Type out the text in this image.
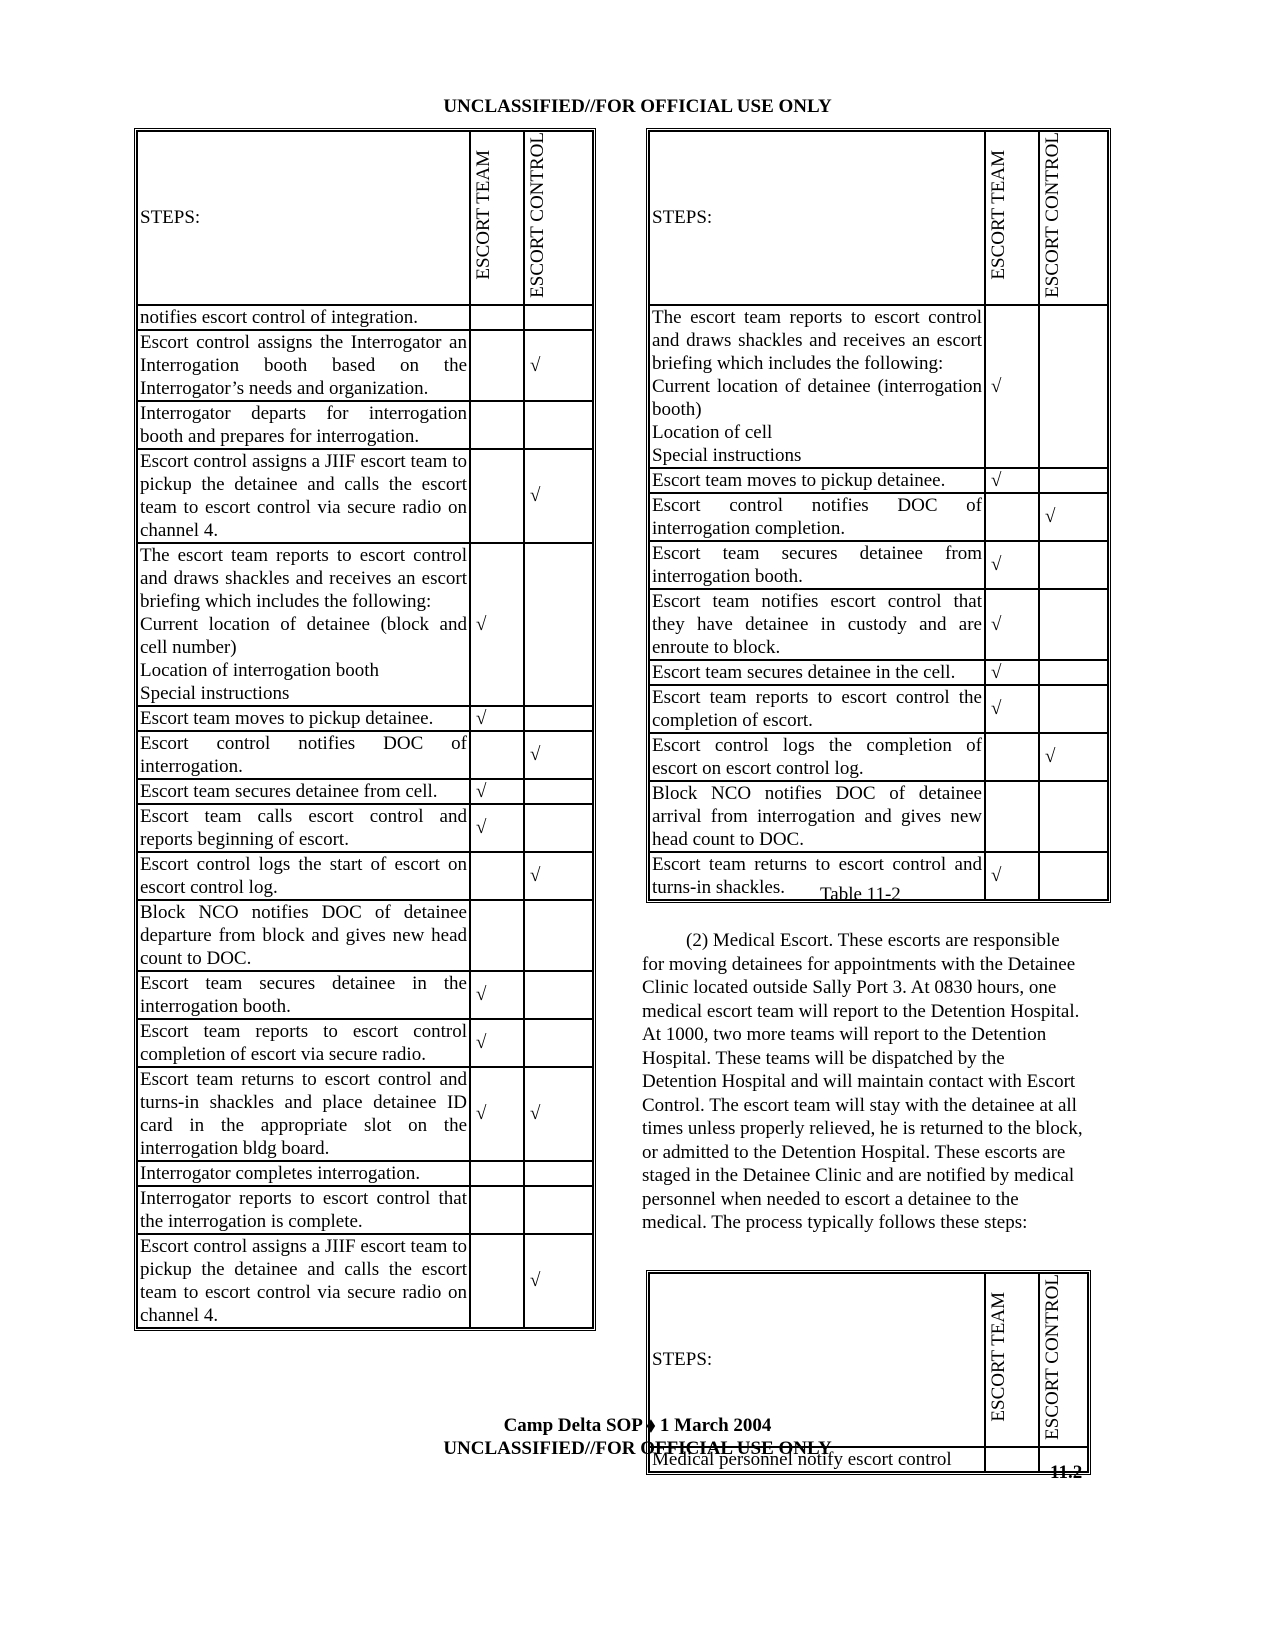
UNCLASSIFIED//FOR OFFICIAL USE ONLY
STEPS:	ESCORT TEAM	ESCORT CONTROL

notifies escort control of integration.		

Escort control assigns the Interrogator an Interrogation booth based on the Interrogator’s needs and organization.		√

Interrogator departs for interrogation booth and prepares for interrogation.		

Escort control assigns a JIIF escort team to pickup the detainee and calls the escort team to escort control via secure radio on channel 4.		√

The escort team reports to escort control and draws shackles and receives an escort briefing which includes the following:
Current location of detainee (block and cell number)
Location of interrogation booth
Special instructions	√	

Escort team moves to pickup detainee.	√	

Escort control notifies DOC of interrogation.		√

Escort team secures detainee from cell.	√	

Escort team calls escort control and reports beginning of escort.	√	

Escort control logs the start of escort on escort control log.		√

Block NCO notifies DOC of detainee departure from block and gives new head count to DOC.		

Escort team secures detainee in the interrogation booth.	√	

Escort team reports to escort control completion of escort via secure radio.	√	

Escort team returns to escort control and turns-in shackles and place detainee ID card in the appropriate slot on the interrogation bldg board.	√	√

Interrogator completes interrogation.		

Interrogator reports to escort control that the interrogation is complete.		

Escort control assigns a JIIF escort team to pickup the detainee and calls the escort team to escort control via secure radio on channel 4.		√
STEPS:	ESCORT TEAM	ESCORT CONTROL

The escort team reports to escort control and draws shackles and receives an escort briefing which includes the following:
Current location of detainee (interrogation booth)
Location of cell
Special instructions	√	

Escort team moves to pickup detainee.	√	

Escort control notifies DOC of interrogation completion.		√

Escort team secures detainee from interrogation booth.	√	

Escort team notifies escort control that they have detainee in custody and are enroute to block.	√	

Escort team secures detainee in the cell.	√	

Escort team reports to escort control the completion of escort.	√	

Escort control logs the completion of escort on escort control log.		√

Block NCO notifies DOC of detainee arrival from interrogation and gives new head count to DOC.		

Escort team returns to escort control and turns-in shackles.	√	
Table 11-2

(2) Medical Escort. These escorts are responsible for moving detainees for appointments with the Detainee Clinic located outside Sally Port 3. At 0830 hours, one medical escort team will report to the Detention Hospital. At 1000, two more teams will report to the Detention Hospital. These teams will be dispatched by the Detention Hospital and will maintain contact with Escort Control. The escort team will stay with the detainee at all times unless properly relieved, he is returned to the block, or admitted to the Detention Hospital. These escorts are staged in the Detainee Clinic and are notified by medical personnel when needed to escort a detainee to the medical. The process typically follows these steps:

STEPS:	ESCORT TEAM	ESCORT CONTROL

Medical personnel notify escort control		

Camp Delta SOP ⬧ 1 March 2004
UNCLASSIFIED//FOR OFFICIAL USE ONLY
11.2
